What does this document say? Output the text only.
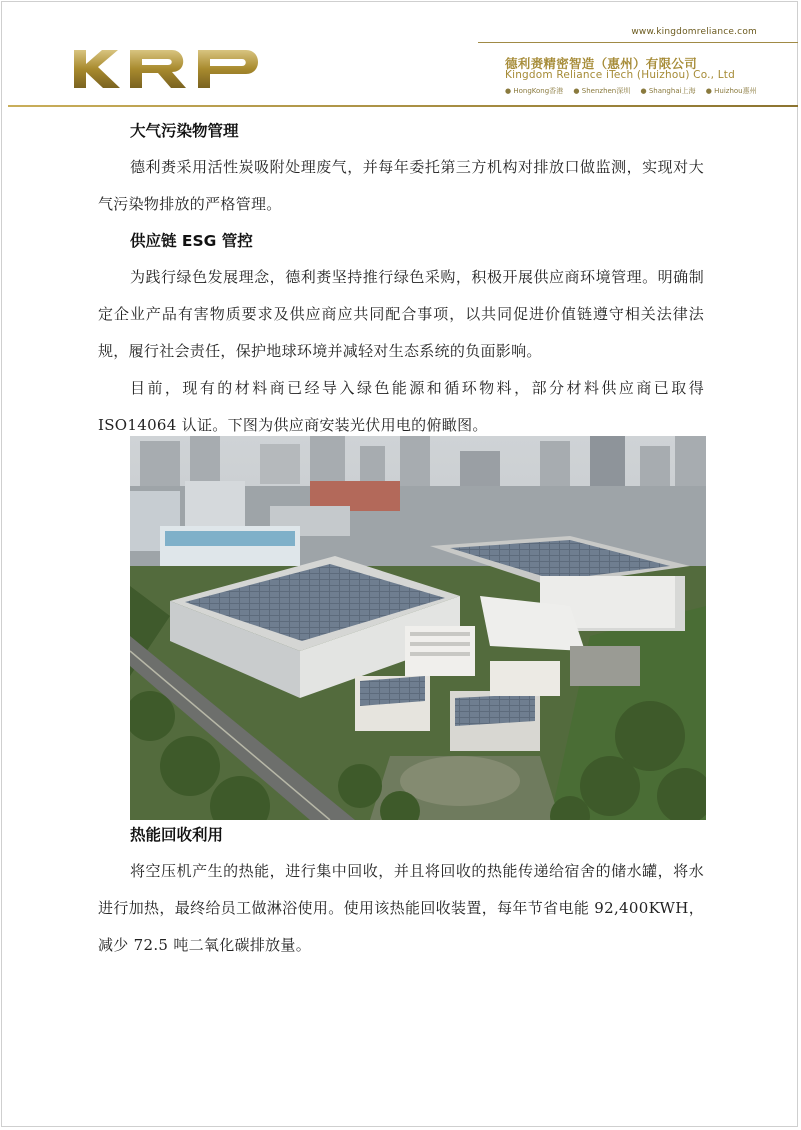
www.kingdomreliance.com
德利赉精密智造（惠州）有限公司
Kingdom Reliance iTech (Huizhou) Co., Ltd
● HongKong香港 ● Shenzhen深圳 ● Shanghai上海 ● Huizhou惠州
大气污染物管理

德利赉采用活性炭吸附处理废气，并每年委托第三方机构对排放口做监测，实现对大气污染物排放的严格管理。

供应链 ESG 管控

为践行绿色发展理念，德利赉坚持推行绿色采购，积极开展供应商环境管理。明确制定企业产品有害物质要求及供应商应共同配合事项，以共同促进价值链遵守相关法律法规，履行社会责任，保护地球环境并减轻对生态系统的负面影响。

目前，现有的材料商已经导入绿色能源和循环物料，部分材料供应商已取得 ISO14064 认证。下图为供应商安装光伏用电的俯瞰图。

热能回收利用

将空压机产生的热能，进行集中回收，并且将回收的热能传递给宿舍的储水罐，将水进行加热，最终给员工做淋浴使用。使用该热能回收装置，每年节省电能 92,400KWH，减少 72.5 吨二氧化碳排放量。
